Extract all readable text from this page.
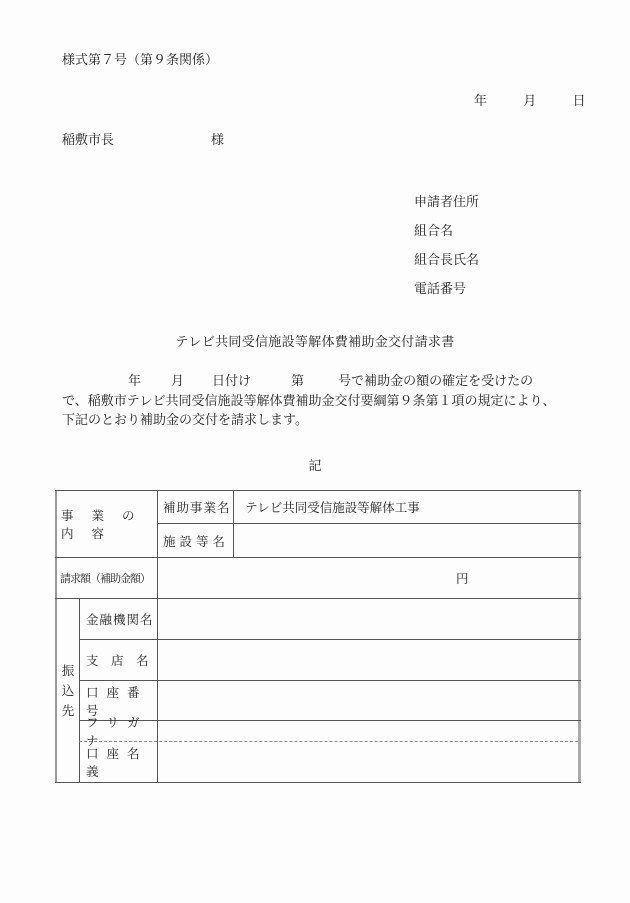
様式第７号（第９条関係）
年	月	日
稲敷市長	様
申請者住所
組合名
組合長氏名
電話番号
テレビ共同受信施設等解体費補助金交付請求書
年 月 日付け	第	号で補助金の額の確定を受けたの
で、稲敷市テレビ共同受信施設等解体費補助金交付要綱第９条第１項の規定により、
下記のとおり補助金の交付を請求します。
記
事 業 の 内 容
補助事業名 テレビ共同受信施設等解体工事
施 設 等 名
請求額（補助金額）	円
振
込
先
金融機関名
支　店　名
口 座 番 号
フ リ ガ ナ
口 座 名 義
